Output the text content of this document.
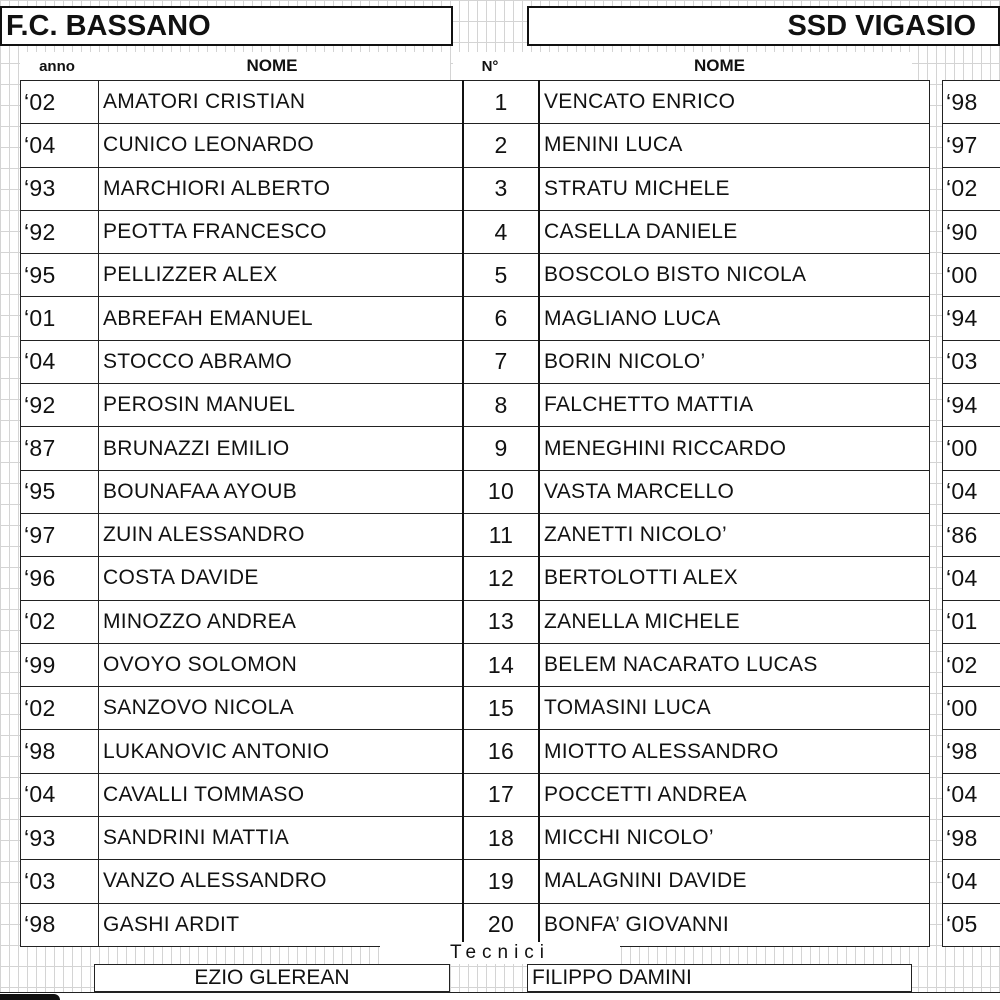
F.C. BASSANO	SSD VIGASIO
anno	NOME	N°	NOME
‘02	AMATORI CRISTIAN	1	VENCATO ENRICO		‘98
‘04	CUNICO LEONARDO	2	MENINI LUCA		‘97
‘93	MARCHIORI ALBERTO	3	STRATU MICHELE		‘02
‘92	PEOTTA FRANCESCO	4	CASELLA DANIELE		‘90
‘95	PELLIZZER ALEX	5	BOSCOLO BISTO NICOLA		‘00
‘01	ABREFAH EMANUEL	6	MAGLIANO LUCA		‘94
‘04	STOCCO ABRAMO	7	BORIN NICOLO’		‘03
‘92	PEROSIN MANUEL	8	FALCHETTO MATTIA		‘94
‘87	BRUNAZZI EMILIO	9	MENEGHINI RICCARDO		‘00
‘95	BOUNAFAA AYOUB	10	VASTA MARCELLO		‘04
‘97	ZUIN ALESSANDRO	11	ZANETTI NICOLO’		‘86
‘96	COSTA DAVIDE	12	BERTOLOTTI ALEX		‘04
‘02	MINOZZO ANDREA	13	ZANELLA MICHELE		‘01
‘99	OVOYO SOLOMON	14	BELEM NACARATO LUCAS		‘02
‘02	SANZOVO NICOLA	15	TOMASINI LUCA		‘00
‘98	LUKANOVIC ANTONIO	16	MIOTTO ALESSANDRO		‘98
‘04	CAVALLI TOMMASO	17	POCCETTI ANDREA		‘04
‘93	SANDRINI MATTIA	18	MICCHI NICOLO’		‘98
‘03	VANZO ALESSANDRO	19	MALAGNINI DAVIDE		‘04
‘98	GASHI ARDIT	20	BONFA’ GIOVANNI		‘05
Tecnici
EZIO GLEREAN	FILIPPO DAMINI
